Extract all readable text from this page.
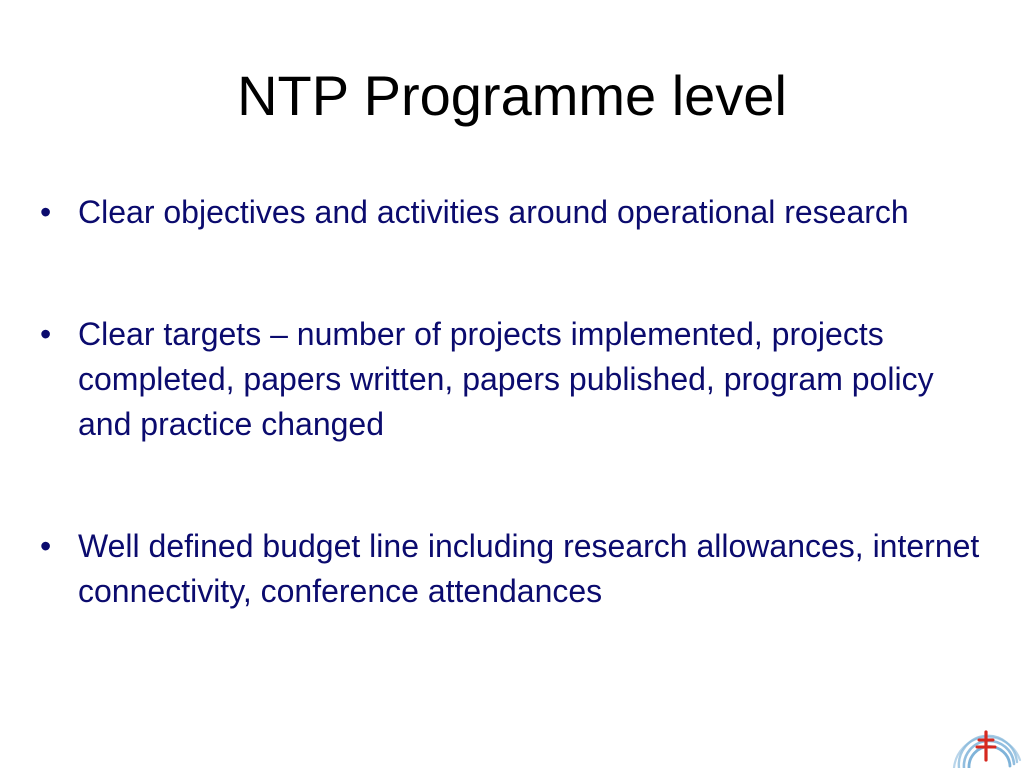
NTP Programme level
• Clear objectives and activities around operational research
• Clear targets – number of projects implemented, projects completed, papers written, papers published, program policy and practice changed
• Well defined budget line including research allowances, internet connectivity, conference attendances
